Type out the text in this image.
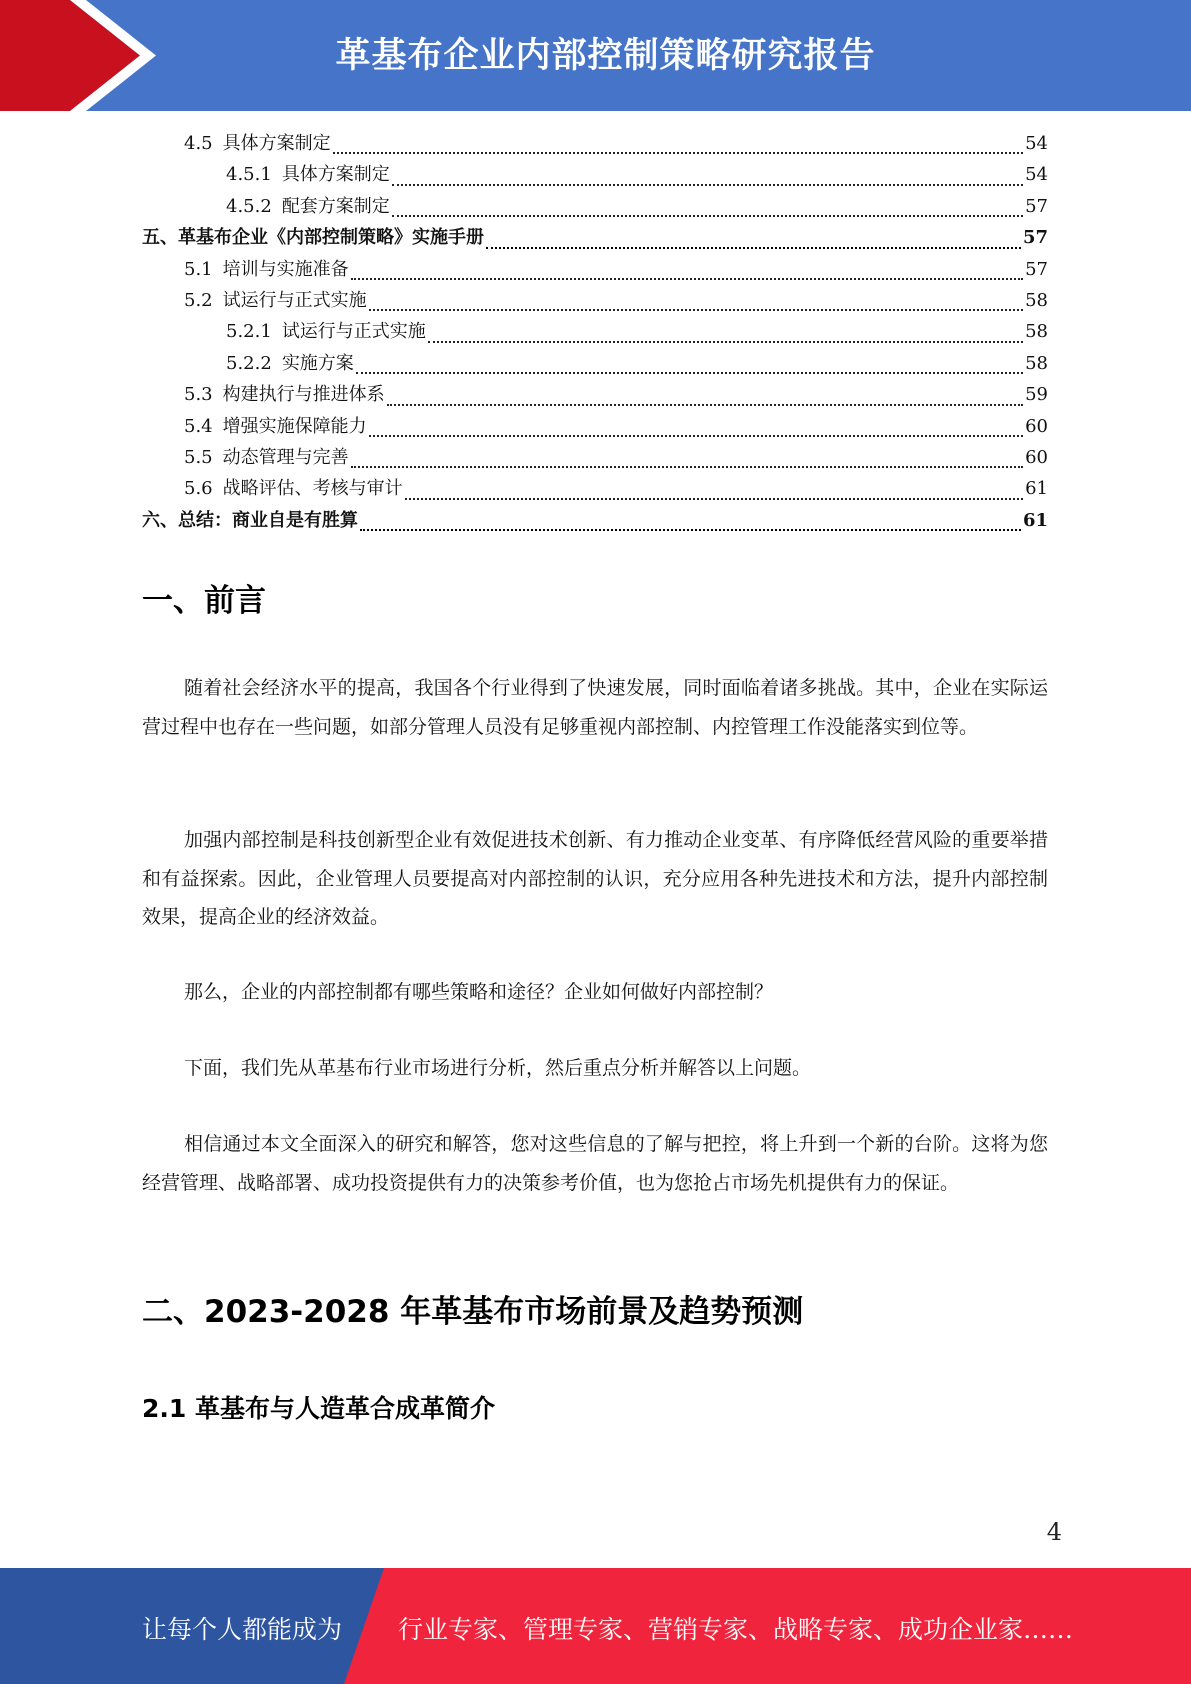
革基布企业内部控制策略研究报告
4.5 具体方案制定	54
4.5.1 具体方案制定	54
4.5.2 配套方案制定	57
五、革基布企业《内部控制策略》实施手册	57
5.1 培训与实施准备	57
5.2 试运行与正式实施	58
5.2.1 试运行与正式实施	58
5.2.2 实施方案	58
5.3 构建执行与推进体系	59
5.4 增强实施保障能力	60
5.5 动态管理与完善	60
5.6 战略评估、考核与审计	61
六、总结：商业自是有胜算	61
一、前言
随着社会经济水平的提高，我国各个行业得到了快速发展，同时面临着诸多挑战。其中，企业在实际运营过程中也存在一些问题，如部分管理人员没有足够重视内部控制、内控管理工作没能落实到位等。
加强内部控制是科技创新型企业有效促进技术创新、有力推动企业变革、有序降低经营风险的重要举措和有益探索。因此，企业管理人员要提高对内部控制的认识，充分应用各种先进技术和方法，提升内部控制效果，提高企业的经济效益。
那么，企业的内部控制都有哪些策略和途径？企业如何做好内部控制？
下面，我们先从革基布行业市场进行分析，然后重点分析并解答以上问题。
相信通过本文全面深入的研究和解答，您对这些信息的了解与把控，将上升到一个新的台阶。这将为您经营管理、战略部署、成功投资提供有力的决策参考价值，也为您抢占市场先机提供有力的保证。
二、2023-2028 年革基布市场前景及趋势预测
2.1 革基布与人造革合成革简介
4
让每个人都能成为 行业专家、管理专家、营销专家、战略专家、成功企业家……
